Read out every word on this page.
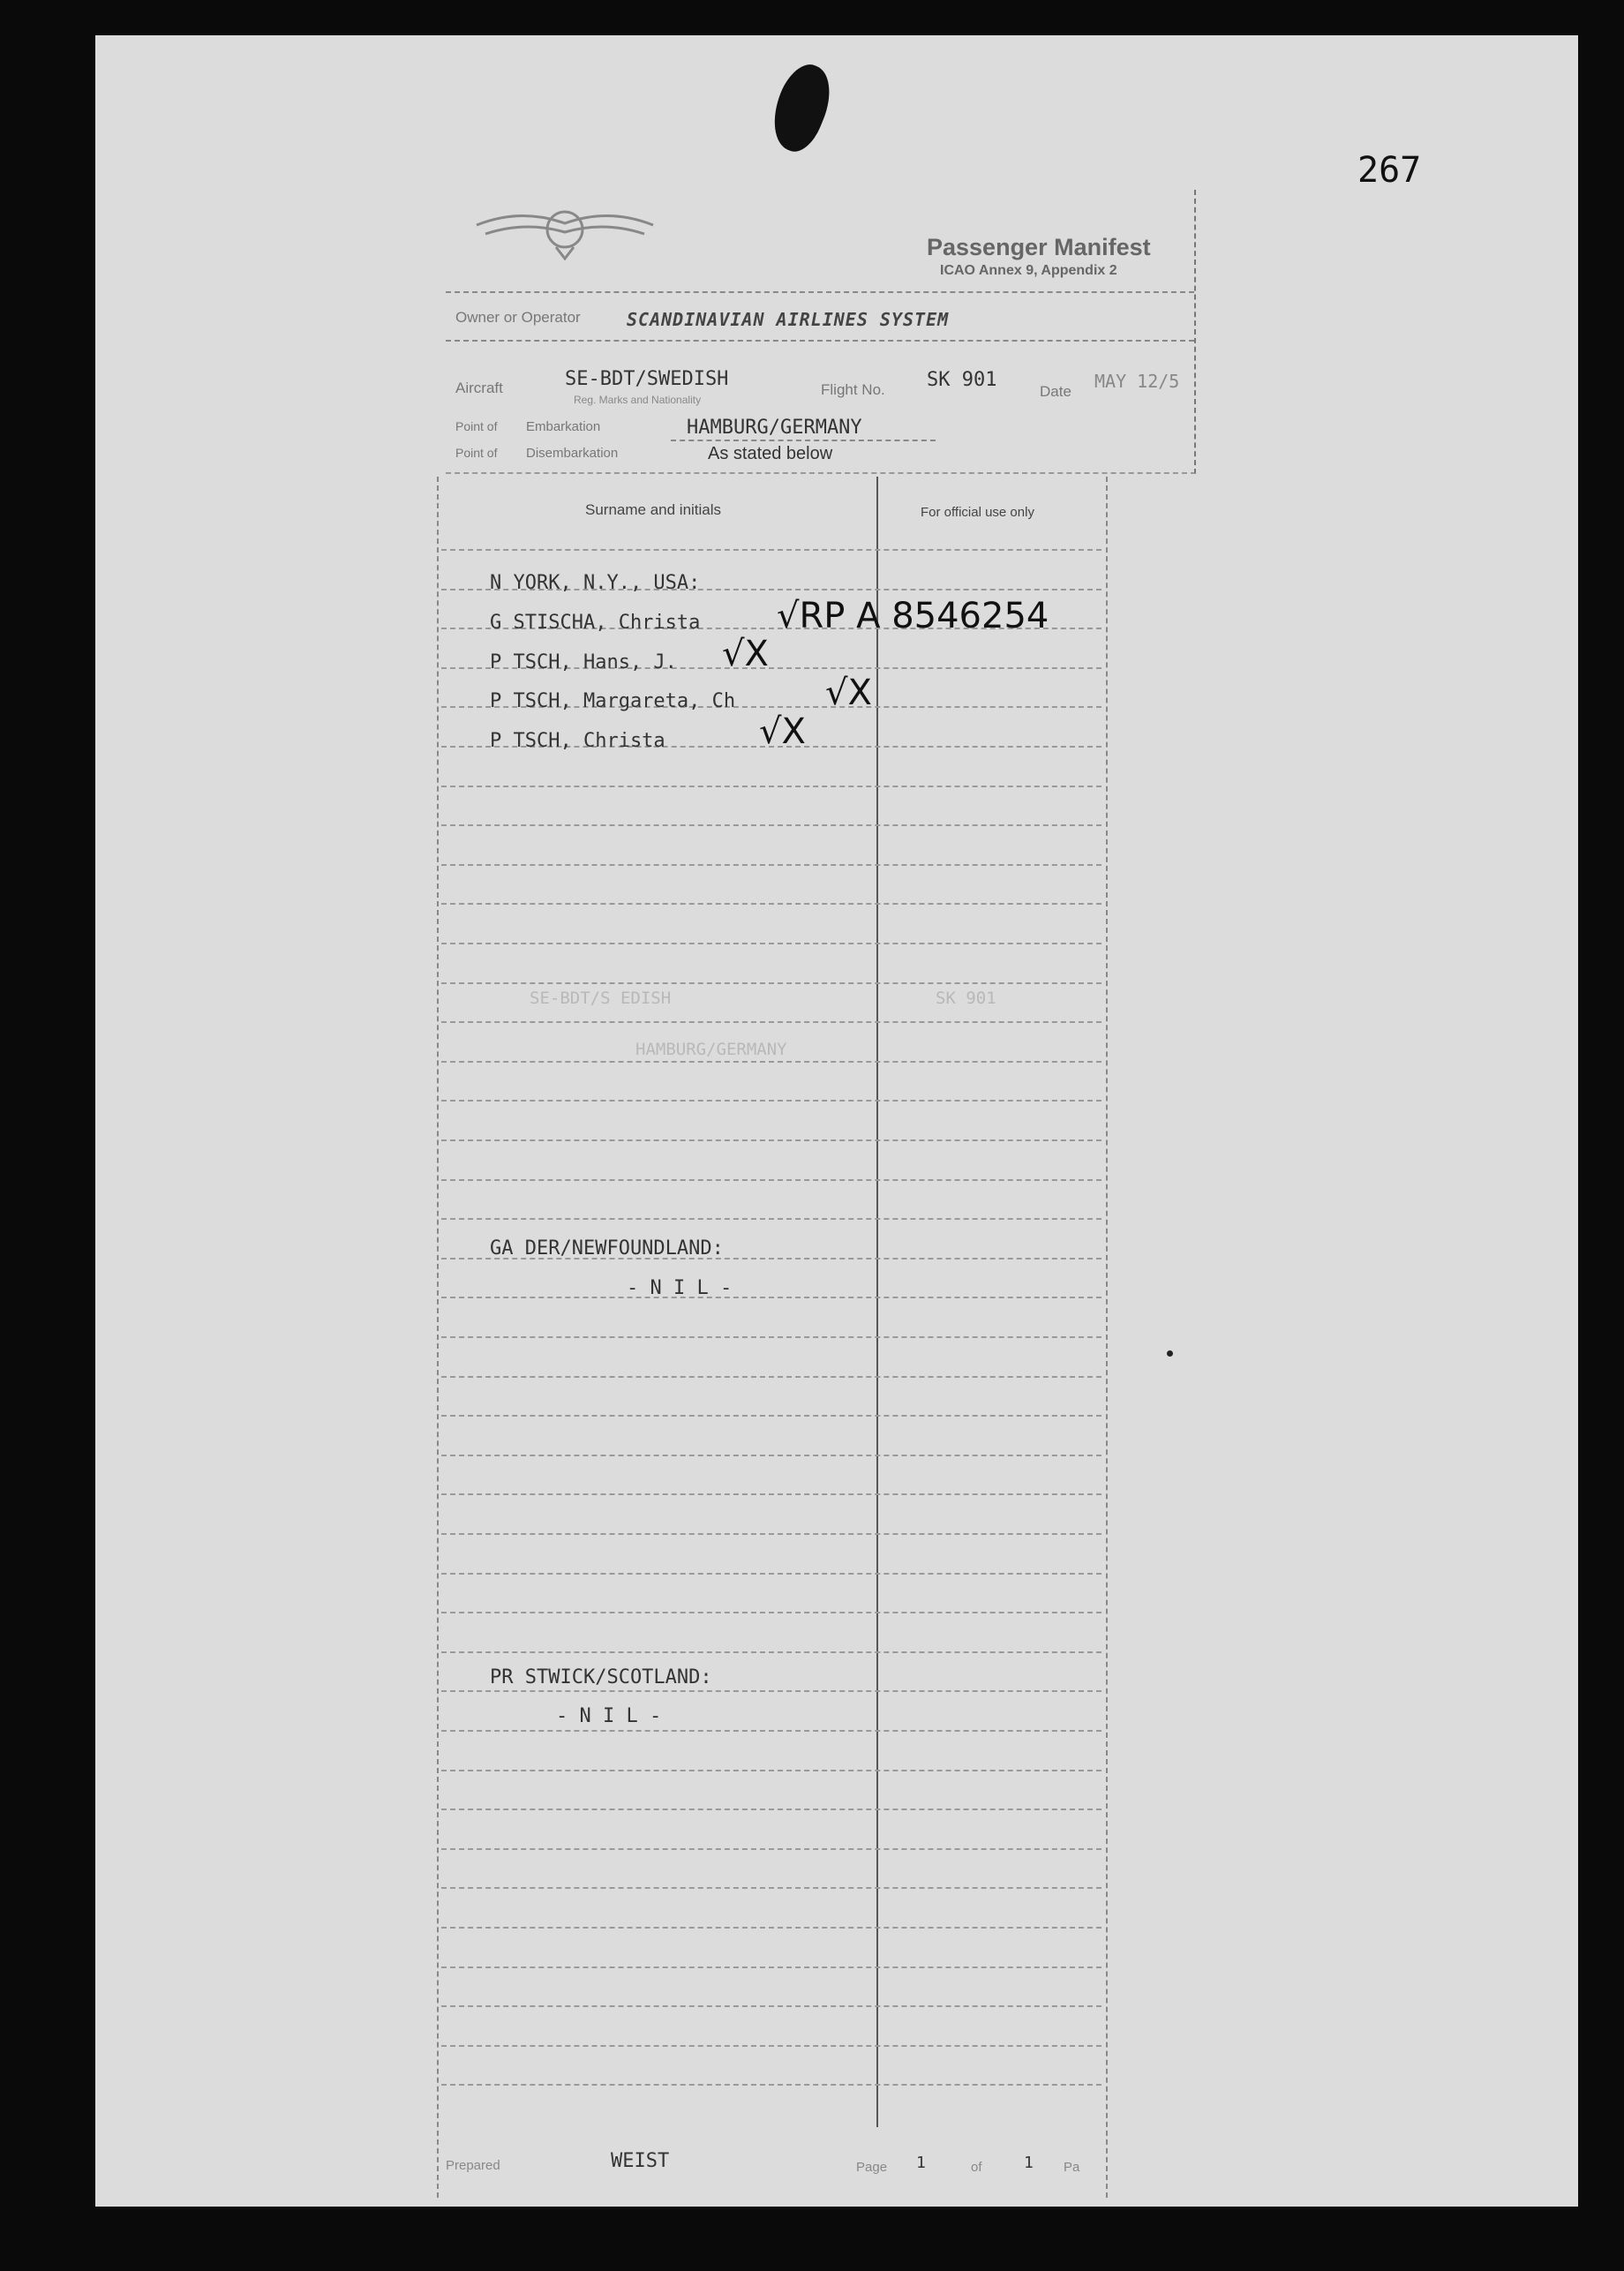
267
Passenger Manifest
ICAO Annex 9, Appendix 2
Owner or Operator	SCANDINAVIAN AIRLINES SYSTEM
Aircraft	SE-BDT/SWEDISH
Reg. Marks and Nationality
Flight No. SK 901
Date MAY 12/5
Point of Embarkation	HAMBURG/GERMANY
Point of Disembarkation	As stated below
Surname and initials	For official use only
N YORK, N.Y., USA:
G STISCHA, Christa √RP A 8546254
P TSCH, Hans, J. √X
P TSCH, Margareta, Ch	√X
P TSCH, Christa	√X
SE-BDT/S EDISH	SK 901
HAMBURG/GERMANY
GA DER/NEWFOUNDLAND:
- N I L -
PR STWICK/SCOTLAND:
- N I L -
Prepared	WEIST	Page 1	of	1 Pa
